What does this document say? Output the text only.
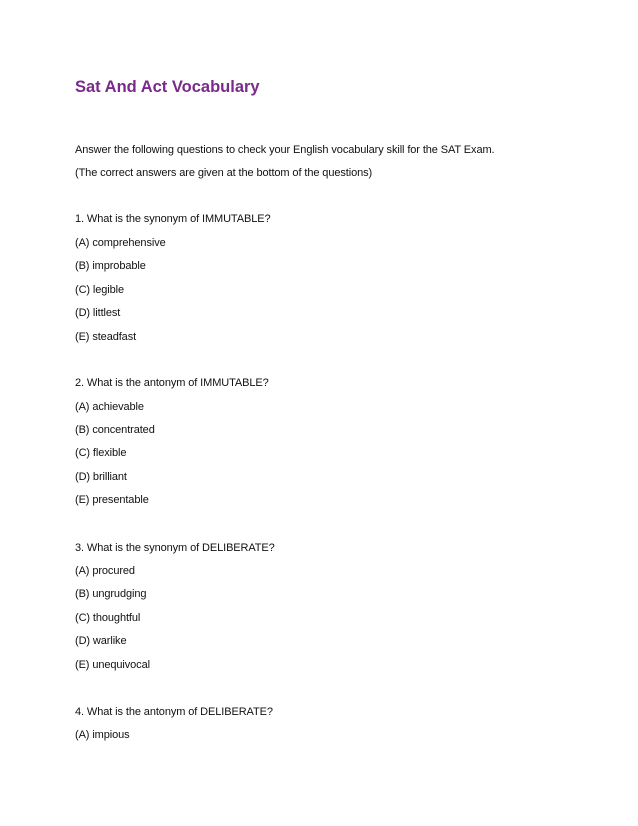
Sat And Act Vocabulary

Answer the following questions to check your English vocabulary skill for the SAT Exam.

(The correct answers are given at the bottom of the questions)

1. What is the synonym of IMMUTABLE?

(A) comprehensive

(B) improbable

(C) legible

(D) littlest

(E) steadfast

2. What is the antonym of IMMUTABLE?

(A) achievable

(B) concentrated

(C) flexible

(D) brilliant

(E) presentable

3. What is the synonym of DELIBERATE?

(A) procured

(B) ungrudging

(C) thoughtful

(D) warlike

(E) unequivocal

4. What is the antonym of DELIBERATE?

(A) impious
